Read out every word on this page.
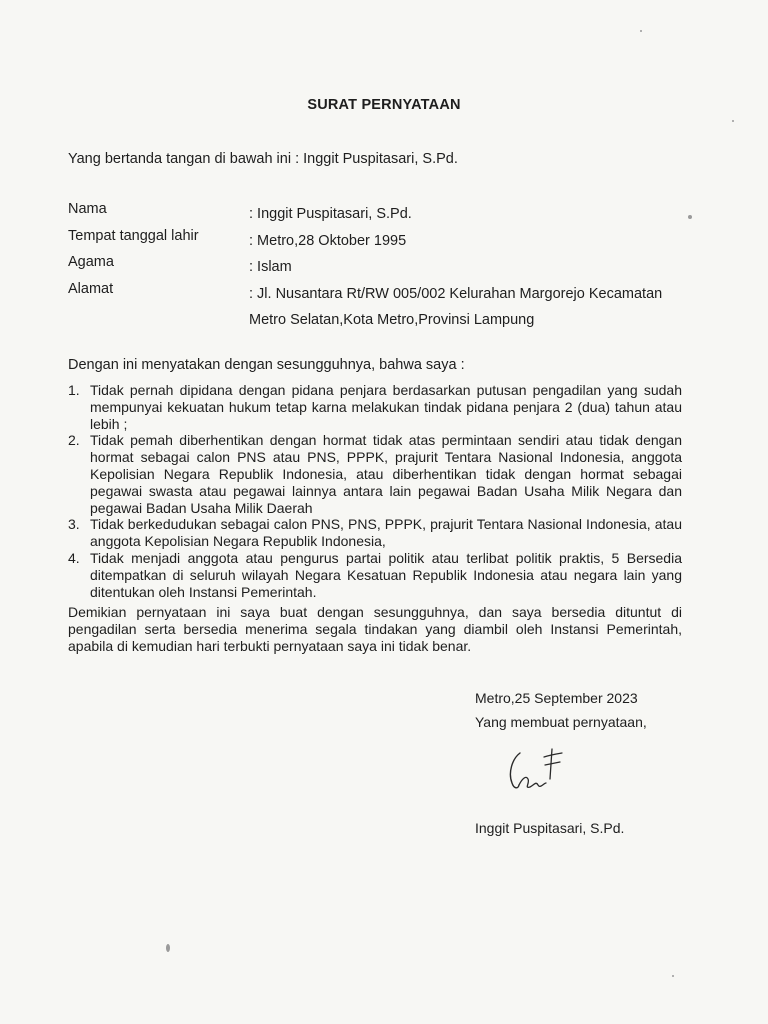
SURAT PERNYATAAN
Yang bertanda tangan di bawah ini : Inggit Puspitasari, S.Pd.
Nama	: Inggit Puspitasari, S.Pd.
Tempat tanggal lahir	: Metro,28 Oktober 1995
Agama	: Islam
Alamat	: Jl. Nusantara Rt/RW 005/002 Kelurahan Margorejo Kecamatan Metro Selatan,Kota Metro,Provinsi Lampung
Dengan ini menyatakan dengan sesungguhnya, bahwa saya :
1. Tidak pernah dipidana dengan pidana penjara berdasarkan putusan pengadilan yang sudah mempunyai kekuatan hukum tetap karna melakukan tindak pidana penjara 2 (dua) tahun atau lebih ;
2. Tidak pemah diberhentikan dengan hormat tidak atas permintaan sendiri atau tidak dengan hormat sebagai calon PNS atau PNS, PPPK, prajurit Tentara Nasional Indonesia, anggota Kepolisian Negara Republik Indonesia, atau diberhentikan tidak dengan hormat sebagai pegawai swasta atau pegawai lainnya antara lain pegawai Badan Usaha Milik Negara dan pegawai Badan Usaha Milik Daerah
3. Tidak berkedudukan sebagai calon PNS, PNS, PPPK, prajurit Tentara Nasional Indonesia, atau anggota Kepolisian Negara Republik Indonesia,
4. Tidak menjadi anggota atau pengurus partai politik atau terlibat politik praktis, 5 Bersedia ditempatkan di seluruh wilayah Negara Kesatuan Republik Indonesia atau negara lain yang ditentukan oleh Instansi Pemerintah.
Demikian pernyataan ini saya buat dengan sesungguhnya, dan saya bersedia dituntut di pengadilan serta bersedia menerima segala tindakan yang diambil oleh Instansi Pemerintah, apabila di kemudian hari terbukti pernyataan saya ini tidak benar.
Metro,25 September 2023
Yang membuat pernyataan,
Inggit Puspitasari, S.Pd.
